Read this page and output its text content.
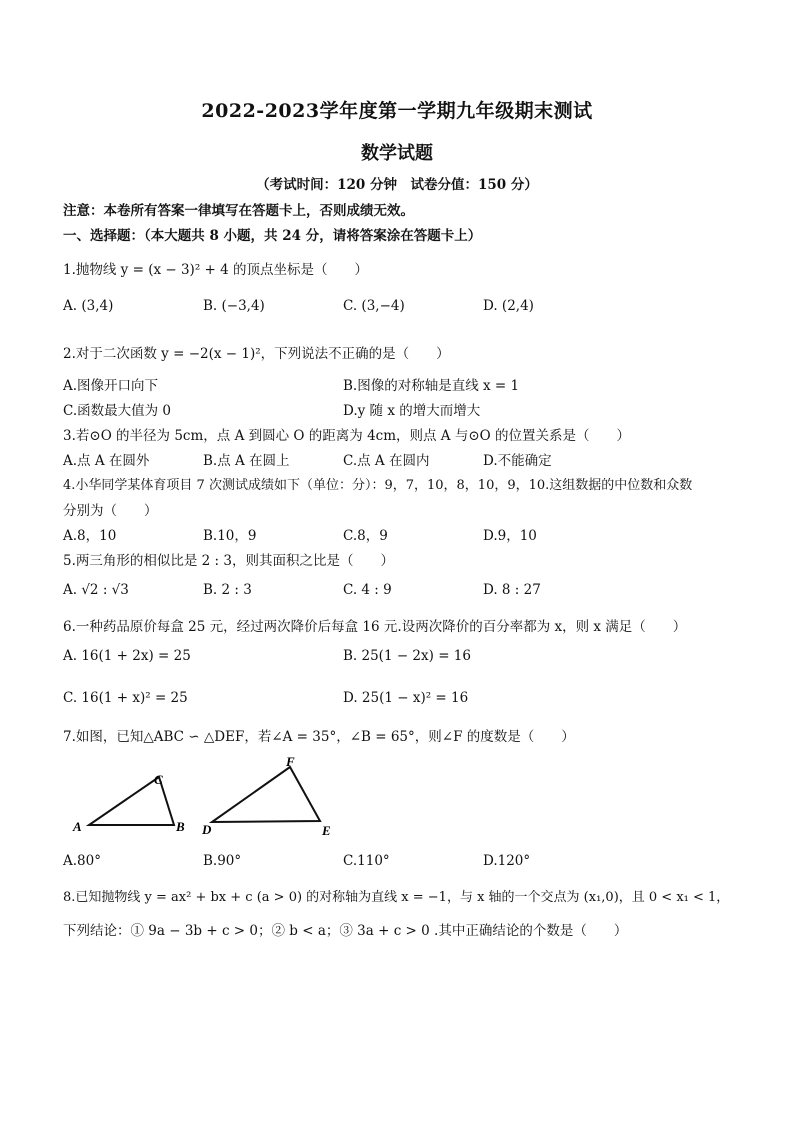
2022-2023学年度第一学期九年级期末测试
数学试题
（考试时间：120 分钟　试卷分值：150 分）
注意：本卷所有答案一律填写在答题卡上，否则成绩无效。
一、选择题：（本大题共 8 小题，共 24 分，请将答案涂在答题卡上）
1.抛物线 y = (x − 3)² + 4 的顶点坐标是（　　）
A. (3,4)	B. (−3,4)	C. (3,−4)	D. (2,4)
2.对于二次函数 y = −2(x − 1)²，下列说法不正确的是（　　）
A.图像开口向下	B.图像的对称轴是直线 x = 1
C.函数最大值为 0	D.y 随 x 的增大而增大
3.若⊙O 的半径为 5cm，点 A 到圆心 O 的距离为 4cm，则点 A 与⊙O 的位置关系是（　　）
A.点 A 在圆外	B.点 A 在圆上	C.点 A 在圆内	D.不能确定
4.小华同学某体育项目 7 次测试成绩如下（单位：分）：9，7，10，8，10，9，10.这组数据的中位数和众数
分别为（　　）
A.8，10	B.10，9	C.8，9	D.9，10
5.两三角形的相似比是 2 : 3，则其面积之比是（　　）
A. √2 : √3	B. 2 : 3	C. 4 : 9	D. 8 : 27
6.一种药品原价每盒 25 元，经过两次降价后每盒 16 元.设两次降价的百分率都为 x，则 x 满足（　　）
A. 16(1 + 2x) = 25	B. 25(1 − 2x) = 16
C. 16(1 + x)² = 25	D. 25(1 − x)² = 16
7.如图，已知△ABC ∽ △DEF，若∠A = 35°，∠B = 65°，则∠F 的度数是（　　）
A	B
C
D	E
F
A.80°	B.90°	C.110°	D.120°
8.已知抛物线 y = ax² + bx + c (a > 0) 的对称轴为直线 x = −1，与 x 轴的一个交点为 (x₁,0)，且 0 < x₁ < 1，
下列结论：① 9a − 3b + c > 0；② b < a；③ 3a + c > 0 .其中正确结论的个数是（　　）
